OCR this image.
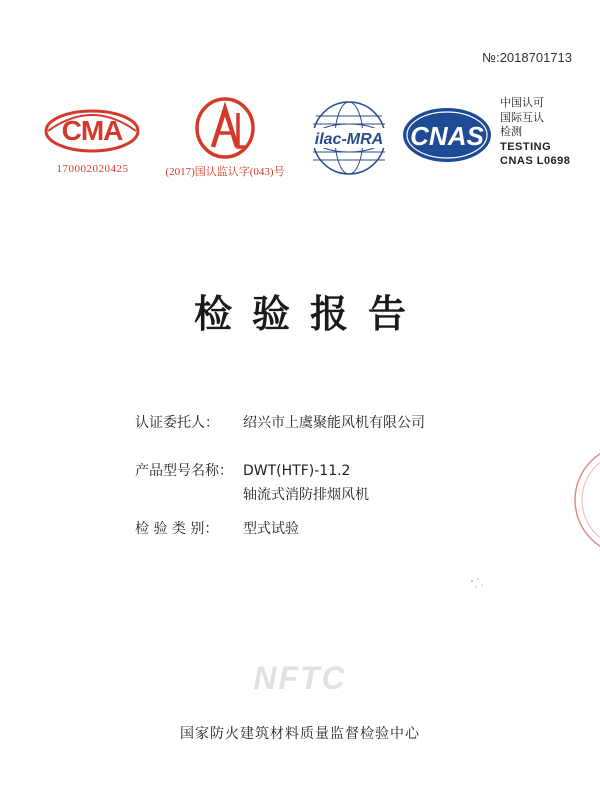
№:2018701713
CMA
170002020425	(2017)国认监认字(043)号
ilac-MRA CNAS
中国认可
国际互认
检测
TESTING
CNAS L0698
检验报告
认证委托人： 绍兴市上虞聚能风机有限公司
产品型号名称： DWT(HTF)-11.2
轴流式消防排烟风机
检 验 类 别： 型式试验
NFTC
国家防火建筑材料质量监督检验中心
